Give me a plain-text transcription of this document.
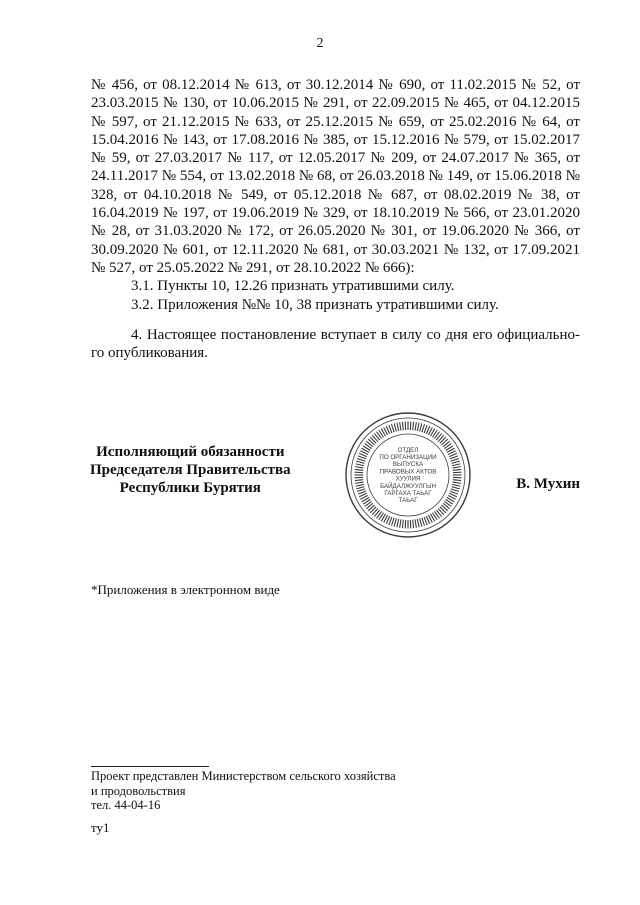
2

№ 456, от 08.12.2014 № 613, от 30.12.2014 № 690, от 11.02.2015 № 52, от 23.03.2015 № 130, от 10.06.2015 № 291, от 22.09.2015 № 465, от 04.12.2015 № 597, от 21.12.2015 № 633, от 25.12.2015 № 659, от 25.02.2016 № 64, от 15.04.2016 № 143, от 17.08.2016 № 385, от 15.12.2016 № 579, от 15.02.2017 № 59, от 27.03.2017 № 117, от 12.05.2017 № 209, от 24.07.2017 № 365, от 24.11.2017 № 554, от 13.02.2018 № 68, от 26.03.2018 № 149, от 15.06.2018 № 328, от 04.10.2018 № 549, от 05.12.2018 № 687, от 08.02.2019 № 38, от 16.04.2019 № 197, от 19.06.2019 № 329, от 18.10.2019 № 566, от 23.01.2020 № 28, от 31.03.2020 № 172, от 26.05.2020 № 301, от 19.06.2020 № 366, от 30.09.2020 № 601, от 12.11.2020 № 681, от 30.03.2021 № 132, от 17.09.2021 № 527, от 25.05.2022 № 291, от 28.10.2022 № 666):

3.1. Пункты 10, 12.26 признать утратившими силу.

3.2. Приложения №№ 10, 38 признать утратившими силу.

4. Настоящее постановление вступает в силу со дня его официально-го опубликования.

Исполняющий обязанности
Председателя Правительства
Республики Бурятия
ОТДЕЛ
ПО ОРГАНИЗАЦИИ
ВЫПУСКА
ПРАВОВЫХ АКТОВ
ХУУЛИЯ
БАЙДАЛЖУУЛГЫН
ГАРГАХА ТАЬАГ
ТАЬАГ
В. Мухин
*Приложения в электронном виде
Проект представлен Министерством сельского хозяйства
и продовольствия
тел. 44-04-16
ту1
